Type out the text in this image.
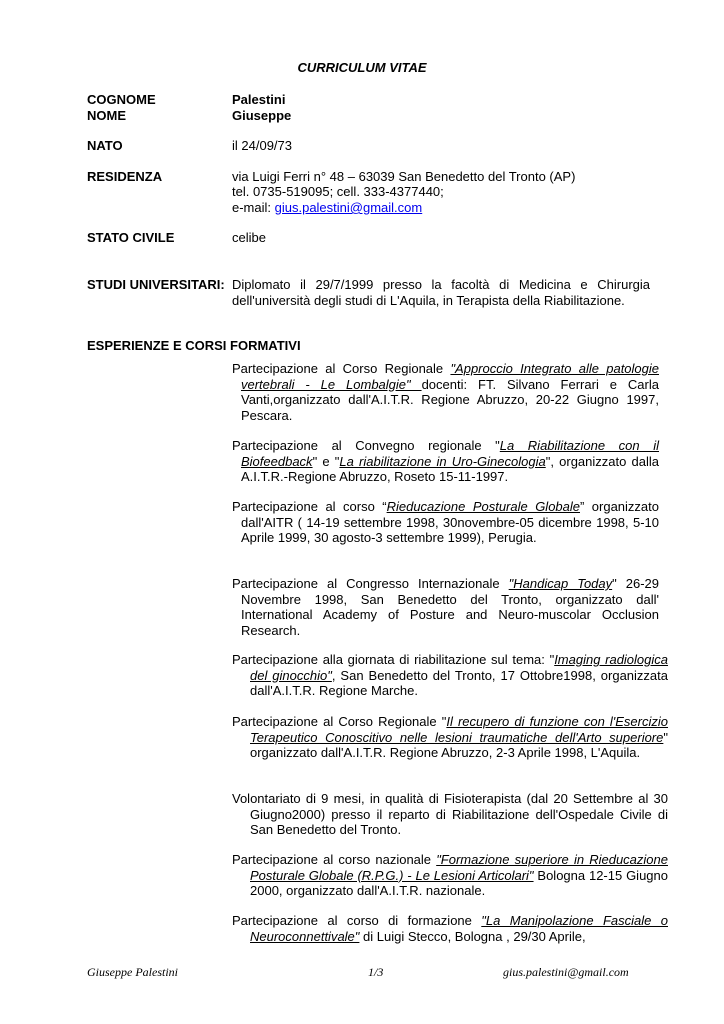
CURRICULUM VITAE
COGNOME	Palestini
NOME	Giuseppe
NATO	il 24/09/73
RESIDENZA	via Luigi Ferri n° 48 – 63039 San Benedetto del Tronto (AP)
tel. 0735-519095; cell. 333-4377440;
e-mail: gius.palestini@gmail.com
STATO CIVILE	celibe
STUDI UNIVERSITARI: Diplomato il 29/7/1999 presso la facoltà di Medicina e Chirurgia dell'università degli studi di L'Aquila, in Terapista della Riabilitazione.
ESPERIENZE E CORSI FORMATIVI
Partecipazione al Corso Regionale "Approccio Integrato alle patologie vertebrali - Le Lombalgie" docenti: FT. Silvano Ferrari e Carla Vanti,organizzato dall'A.I.T.R. Regione Abruzzo, 20-22 Giugno 1997, Pescara.
Partecipazione al Convegno regionale "La Riabilitazione con il Biofeedback" e "La riabilitazione in Uro-Ginecologia", organizzato dalla A.I.T.R.-Regione Abruzzo, Roseto 15-11-1997.
Partecipazione al corso “Rieducazione Posturale Globale” organizzato dall'AITR ( 14-19 settembre 1998, 30novembre-05 dicembre 1998, 5-10 Aprile 1999, 30 agosto-3 settembre 1999), Perugia.
Partecipazione al Congresso Internazionale "Handicap Today" 26-29 Novembre 1998, San Benedetto del Tronto, organizzato dall' International Academy of Posture and Neuro-muscolar Occlusion Research.
Partecipazione alla giornata di riabilitazione sul tema: "Imaging radiologica del ginocchio", San Benedetto del Tronto, 17 Ottobre1998, organizzata dall'A.I.T.R. Regione Marche.
Partecipazione al Corso Regionale "Il recupero di funzione con l'Esercizio Terapeutico Conoscitivo nelle lesioni traumatiche dell'Arto superiore" organizzato dall'A.I.T.R. Regione Abruzzo, 2-3 Aprile 1998, L'Aquila.
Volontariato di 9 mesi, in qualità di Fisioterapista (dal 20 Settembre al 30 Giugno2000) presso il reparto di Riabilitazione dell'Ospedale Civile di San Benedetto del Tronto.
Partecipazione al corso nazionale "Formazione superiore in Rieducazione Posturale Globale (R.P.G.) - Le Lesioni Articolari" Bologna 12-15 Giugno 2000, organizzato dall'A.I.T.R. nazionale.
Partecipazione al corso di formazione "La Manipolazione Fasciale o Neuroconnettivale" di Luigi Stecco, Bologna , 29/30 Aprile,
Giuseppe Palestini	1/3	gius.palestini@gmail.com
